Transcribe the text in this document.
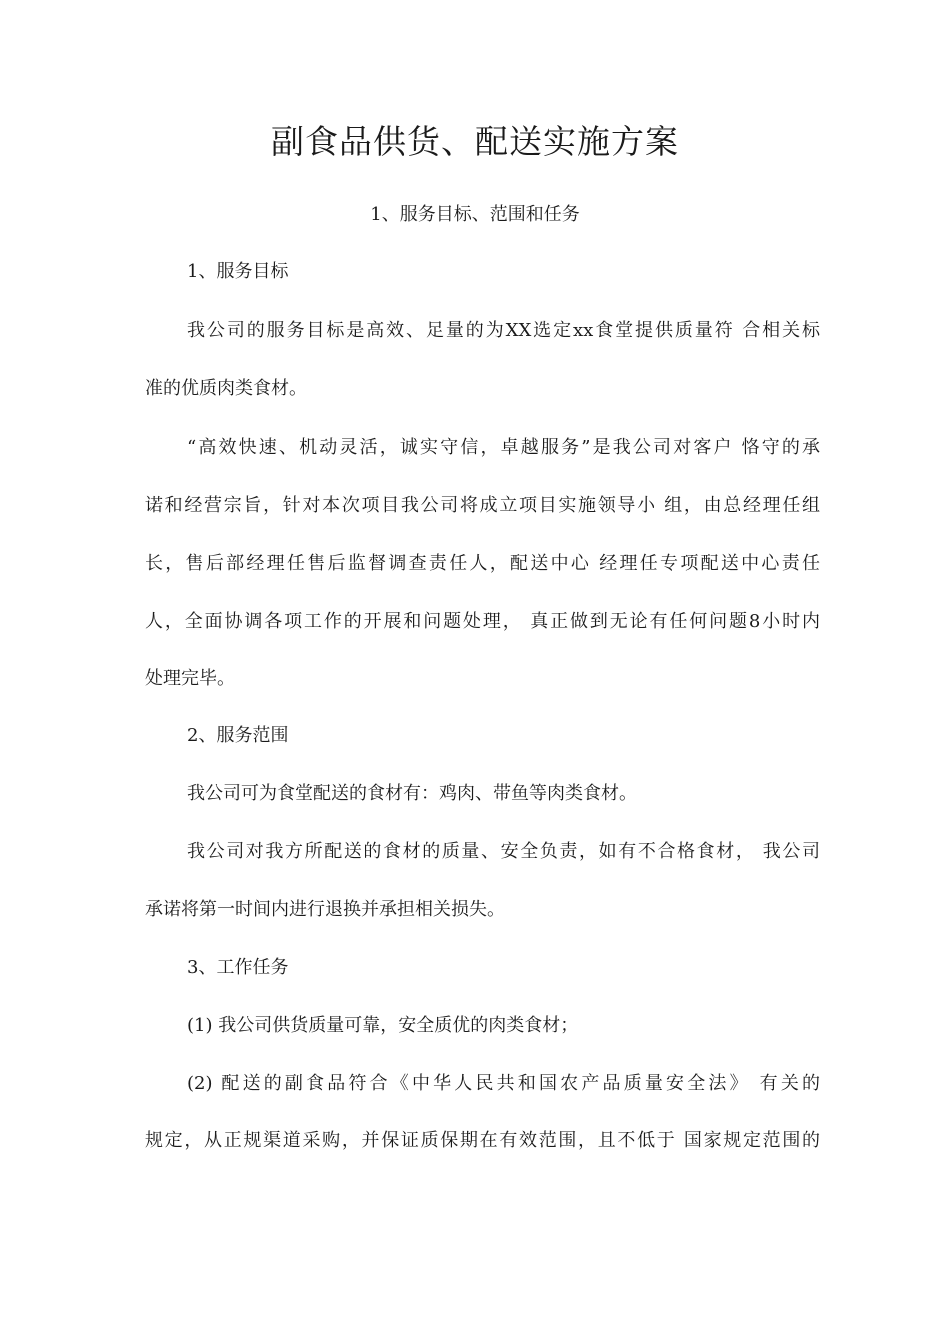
副食品供货、配送实施方案
1、服务目标、范围和任务
1、服务目标
我公司的服务目标是高效、足量的为XX选定xx食堂提供质量符 合相关标
准的优质肉类食材。
“高效快速、机动灵活，诚实守信，卓越服务”是我公司对客户 恪守的承
诺和经营宗旨，针对本次项目我公司将成立项目实施领导小 组，由总经理任组
长，售后部经理任售后监督调查责任人，配送中心 经理任专项配送中心责任
人，全面协调各项工作的开展和问题处理， 真正做到无论有任何问题8小时内
处理完毕。
2、服务范围
我公司可为食堂配送的食材有：鸡肉、带鱼等肉类食材。
我公司对我方所配送的食材的质量、安全负责，如有不合格食材， 我公司
承诺将第一时间内进行退换并承担相关损失。
3、工作任务
(1) 我公司供货质量可靠，安全质优的肉类食材；
(2) 配送的副食品符合《中华人民共和国农产品质量安全法》 有关的
规定，从正规渠道采购，并保证质保期在有效范围，且不低于 国家规定范围的
